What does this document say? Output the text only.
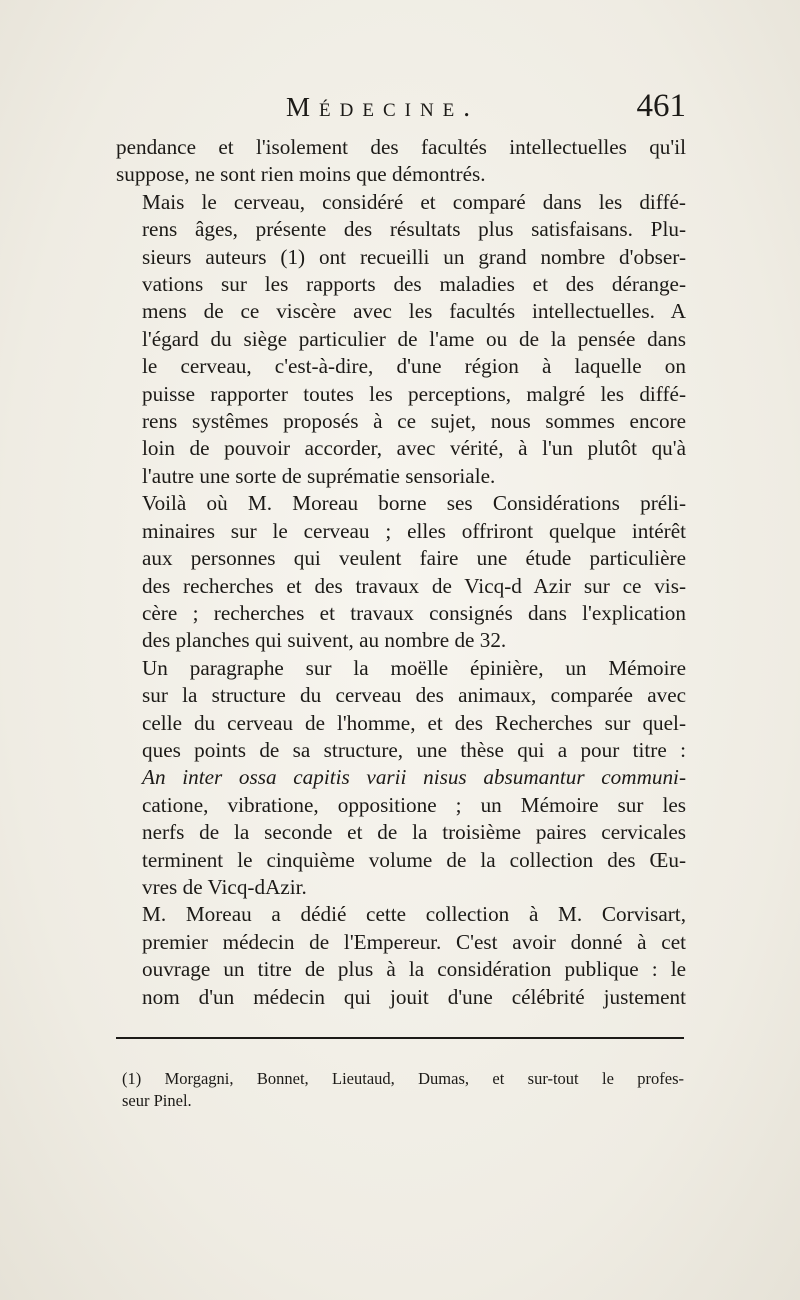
Médecine.	461

pendance et l'isolement des facultés intellectuelles qu'il
suppose, ne sont rien moins que démontrés.

Mais le cerveau, considéré et comparé dans les diffé-
rens âges, présente des résultats plus satisfaisans. Plu-
sieurs auteurs (1) ont recueilli un grand nombre d'obser-
vations sur les rapports des maladies et des dérange-
mens de ce viscère avec les facultés intellectuelles. A
l'égard du siège particulier de l'ame ou de la pensée dans
le cerveau, c'est-à-dire, d'une région à laquelle on
puisse rapporter toutes les perceptions, malgré les diffé-
rens systêmes proposés à ce sujet, nous sommes encore
loin de pouvoir accorder, avec vérité, à l'un plutôt qu'à
l'autre une sorte de suprématie sensoriale.

Voilà où M. Moreau borne ses Considérations préli-
minaires sur le cerveau ; elles offriront quelque intérêt
aux personnes qui veulent faire une étude particulière
des recherches et des travaux de Vicq-d Azir sur ce vis-
cère ; recherches et travaux consignés dans l'explication
des planches qui suivent, au nombre de 32.

Un paragraphe sur la moëlle épinière, un Mémoire
sur la structure du cerveau des animaux, comparée avec
celle du cerveau de l'homme, et des Recherches sur quel-
ques points de sa structure, une thèse qui a pour titre :
An inter ossa capitis varii nisus absumantur communi-
catione, vibratione, oppositione ; un Mémoire sur les
nerfs de la seconde et de la troisième paires cervicales
terminent le cinquième volume de la collection des Œu-
vres de Vicq-dAzir.

M. Moreau a dédié cette collection à M. Corvisart,
premier médecin de l'Empereur. C'est avoir donné à cet
ouvrage un titre de plus à la considération publique : le
nom d'un médecin qui jouit d'une célébrité justement

(1) Morgagni, Bonnet, Lieutaud, Dumas, et sur-tout le profes-
seur Pinel.
